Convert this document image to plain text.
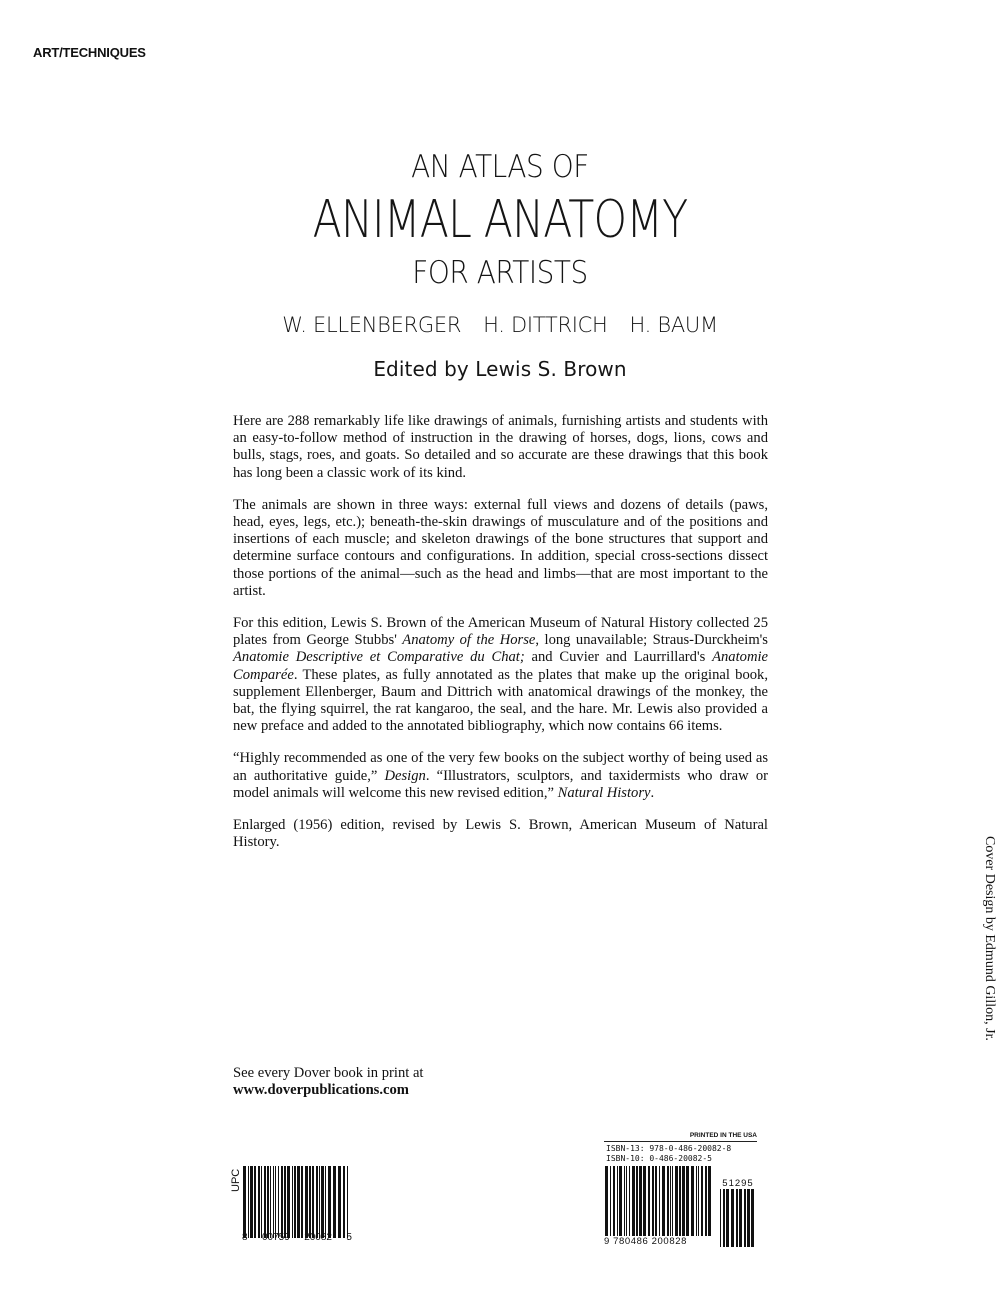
ART/TECHNIQUES
AN ATLAS OF
ANIMAL ANATOMY
FOR ARTISTS
W. ELLENBERGER H. DITTRICH H. BAUM
Edited by Lewis S. Brown

Here are 288 remarkably life like drawings of animals, furnishing artists and students with an easy-to-follow method of instruction in the drawing of horses, dogs, lions, cows and bulls, stags, roes, and goats. So detailed and so accurate are these drawings that this book has long been a classic work of its kind.

The animals are shown in three ways: external full views and dozens of details (paws, head, eyes, legs, etc.); beneath-the-skin drawings of musculature and of the positions and insertions of each muscle; and skeleton drawings of the bone structures that support and determine surface contours and configurations. In addition, special cross-sections dissect those portions of the animal—such as the head and limbs—that are most important to the artist.

For this edition, Lewis S. Brown of the American Museum of Natural History collected 25 plates from George Stubbs' Anatomy of the Horse, long unavailable; Straus-Durckheim's Anatomie Descriptive et Comparative du Chat; and Cuvier and Laurrillard's Anatomie Comparée. These plates, as fully annotated as the plates that make up the original book, supplement Ellenberger, Baum and Dittrich with anatomical drawings of the monkey, the bat, the flying squirrel, the rat kangaroo, the seal, and the hare. Mr. Lewis also provided a new preface and added to the annotated bibliography, which now contains 66 items.

“Highly recommended as one of the very few books on the subject worthy of being used as an authoritative guide,” Design. “Illustrators, sculptors, and taxidermists who draw or model animals will welcome this new revised edition,” Natural History.

Enlarged (1956) edition, revised by Lewis S. Brown, American Museum of Natural History.	Cover Design by Edmund Gillon, Jr.
See every Dover book in print at
www.doverpublications.com
UPC
8 00759 20082 5
PRINTED IN THE USA
ISBN-13: 978-0-486-20082-8
ISBN-10: 0-486-20082-5
9 780486 200828
51295
